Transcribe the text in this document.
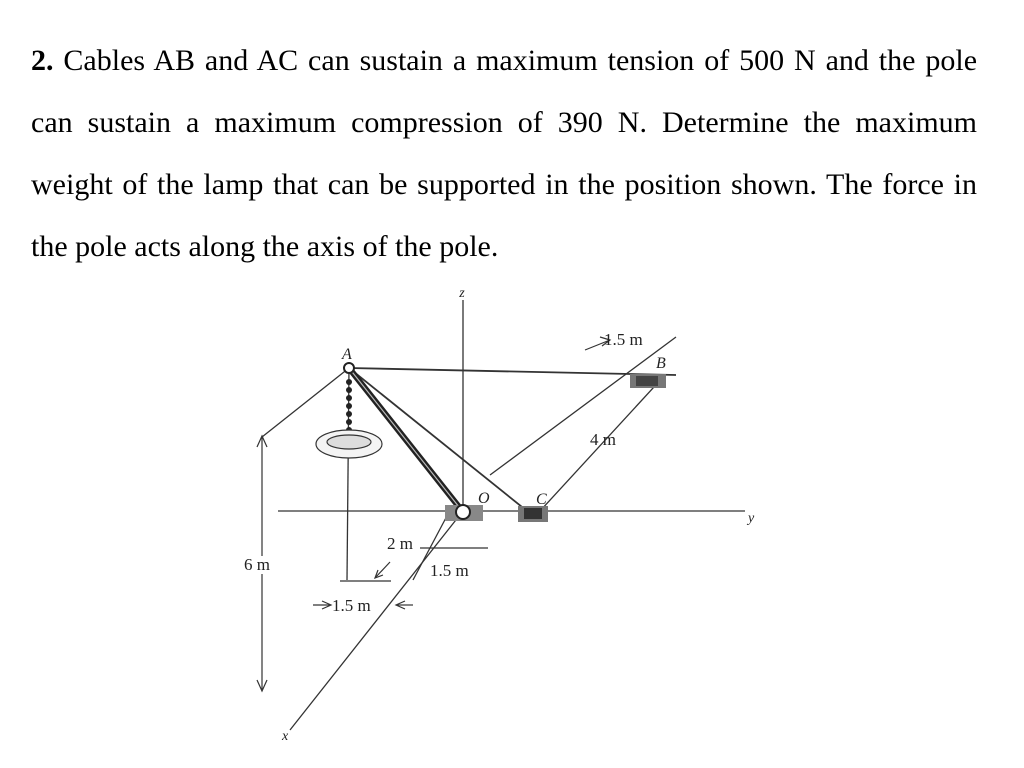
2. Cables AB and AC can sustain a maximum tension of 500 N and the pole can sustain a maximum compression of 390 N. Determine the maximum weight of the lamp that can be supported in the position shown. The force in the pole acts along the axis of the pole.
z
y
x
A
B
C
O
1.5 m
4 m
6 m
2 m
1.5 m
1.5 m
